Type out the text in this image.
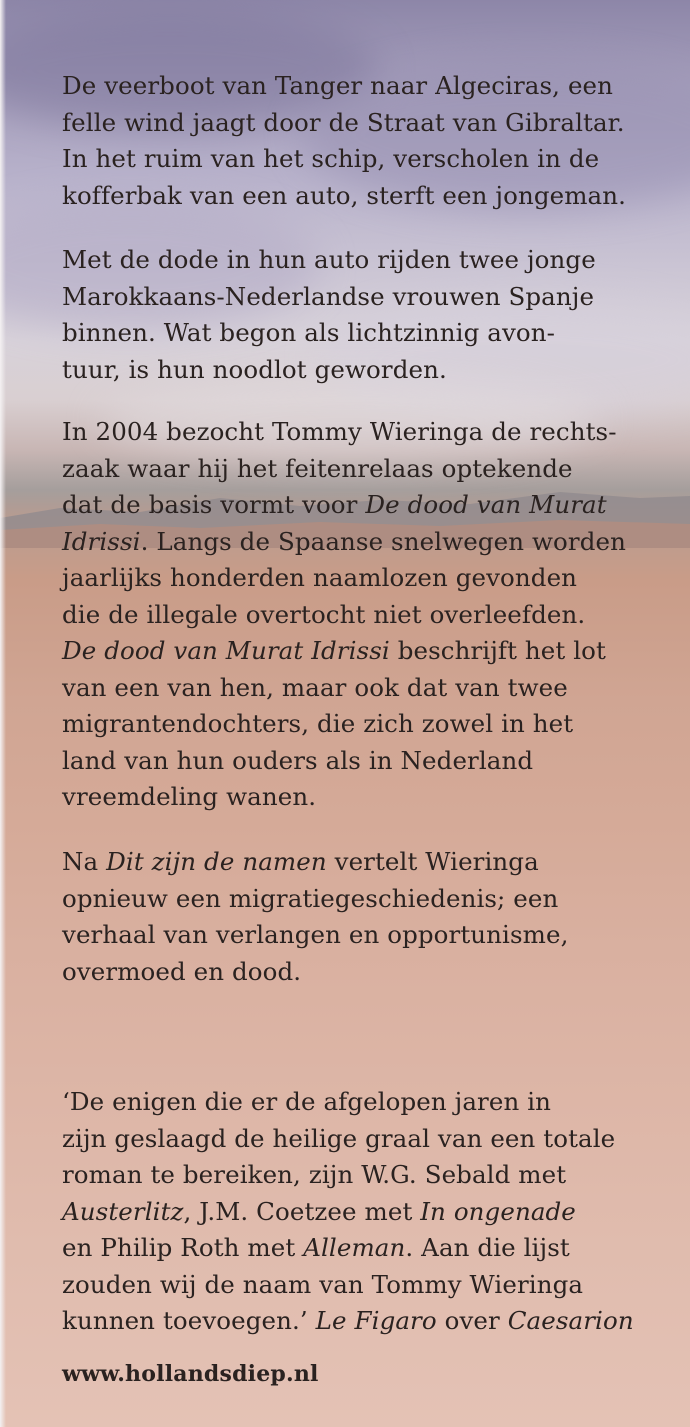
De veerboot van Tanger naar Algeciras, een
felle wind jaagt door de Straat van Gibraltar.
In het ruim van het schip, verscholen in de
kofferbak van een auto, sterft een jongeman.

Met de dode in hun auto rijden twee jonge
Marokkaans-Nederlandse vrouwen Spanje
binnen. Wat begon als lichtzinnig avon-
tuur, is hun noodlot geworden.

In 2004 bezocht Tommy Wieringa de rechts-
zaak waar hij het feitenrelaas optekende
dat de basis vormt voor De dood van Murat
Idrissi. Langs de Spaanse snelwegen worden
jaarlijks honderden naamlozen gevonden
die de illegale overtocht niet overleefden.
De dood van Murat Idrissi beschrijft het lot
van een van hen, maar ook dat van twee
migrantendochters, die zich zowel in het
land van hun ouders als in Nederland
vreemdeling wanen.

Na Dit zijn de namen vertelt Wieringa
opnieuw een migratiegeschiedenis; een
verhaal van verlangen en opportunisme,
overmoed en dood.

‘De enigen die er de afgelopen jaren in
zijn geslaagd de heilige graal van een totale
roman te bereiken, zijn W.G. Sebald met
Austerlitz, J.M. Coetzee met In ongenade
en Philip Roth met Alleman. Aan die lijst
zouden wij de naam van Tommy Wieringa
kunnen toevoegen.’ Le Figaro over Caesarion

www.hollandsdiep.nl
